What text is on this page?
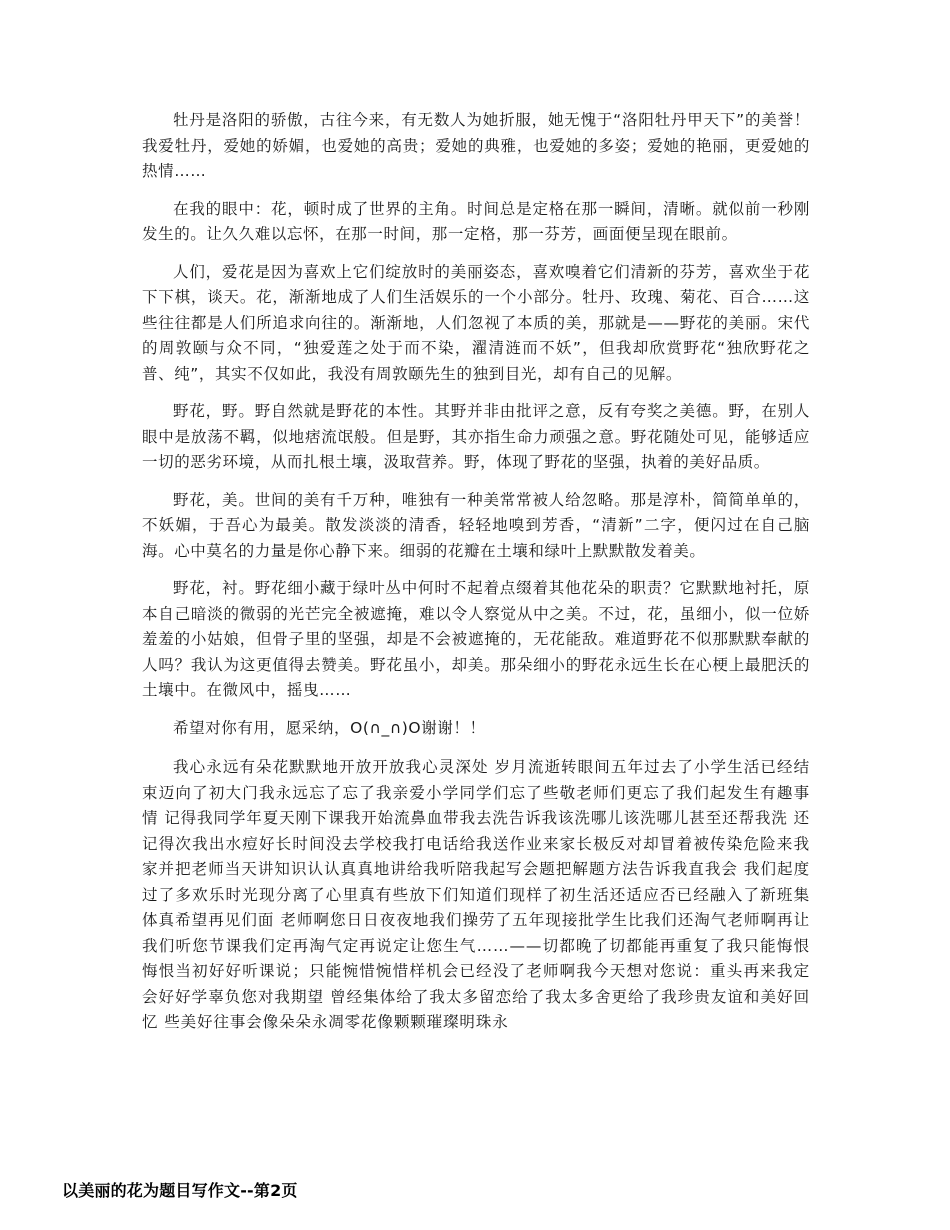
牡丹是洛阳的骄傲，古往今来，有无数人为她折服，她无愧于“洛阳牡丹甲天下”的美誉！我爱牡丹，爱她的娇媚，也爱她的高贵；爱她的典雅，也爱她的多姿；爱她的艳丽，更爱她的热情……

在我的眼中：花，顿时成了世界的主角。时间总是定格在那一瞬间，清晰。就似前一秒刚发生的。让久久难以忘怀，在那一时间，那一定格，那一芬芳，画面便呈现在眼前。

人们，爱花是因为喜欢上它们绽放时的美丽姿态，喜欢嗅着它们清新的芬芳，喜欢坐于花下下棋，谈天。花，渐渐地成了人们生活娱乐的一个小部分。牡丹、玫瑰、菊花、百合……这些往往都是人们所追求向往的。渐渐地，人们忽视了本质的美，那就是——野花的美丽。宋代的周敦颐与众不同，“独爱莲之处于而不染，濯清涟而不妖”，但我却欣赏野花“独欣野花之普、纯”，其实不仅如此，我没有周敦颐先生的独到目光，却有自己的见解。

野花，野。野自然就是野花的本性。其野并非由批评之意，反有夸奖之美德。野，在别人眼中是放荡不羁，似地痞流氓般。但是野，其亦指生命力顽强之意。野花随处可见，能够适应一切的恶劣环境，从而扎根土壤，汲取营养。野，体现了野花的坚强，执着的美好品质。

野花，美。世间的美有千万种，唯独有一种美常常被人给忽略。那是淳朴，简简单单的，不妖媚，于吾心为最美。散发淡淡的清香，轻轻地嗅到芳香，“清新”二字，便闪过在自己脑海。心中莫名的力量是你心静下来。细弱的花瓣在土壤和绿叶上默默散发着美。

野花，衬。野花细小藏于绿叶丛中何时不起着点缀着其他花朵的职责？它默默地衬托，原本自己暗淡的微弱的光芒完全被遮掩，难以令人察觉从中之美。不过，花，虽细小，似一位娇羞羞的小姑娘，但骨子里的坚强，却是不会被遮掩的，无花能敌。难道野花不似那默默奉献的人吗？我认为这更值得去赞美。野花虽小，却美。那朵细小的野花永远生长在心梗上最肥沃的土壤中。在微风中，摇曳……

希望对你有用，愿采纳，O(∩_∩)O谢谢！！

我心永远有朵花默默地开放开放我心灵深处 岁月流逝转眼间五年过去了小学生活已经结束迈向了初大门我永远忘了忘了我亲爱小学同学们忘了些敬老师们更忘了我们起发生有趣事情 记得我同学年夏天刚下课我开始流鼻血带我去洗告诉我该洗哪儿该洗哪儿甚至还帮我洗 还记得次我出水痘好长时间没去学校我打电话给我送作业来家长极反对却冒着被传染危险来我家并把老师当天讲知识认认真真地讲给我听陪我起写会题把解题方法告诉我直我会 我们起度过了多欢乐时光现分离了心里真有些放下们知道们现样了初生活还适应否已经融入了新班集体真希望再见们面 老师啊您日日夜夜地我们操劳了五年现接批学生比我们还淘气老师啊再让我们听您节课我们定再淘气定再说定让您生气……——切都晚了切都能再重复了我只能悔恨悔恨当初好好听课说；只能惋惜惋惜样机会已经没了老师啊我今天想对您说：重头再来我定会好好学辜负您对我期望 曾经集体给了我太多留恋给了我太多舍更给了我珍贵友谊和美好回忆 些美好往事会像朵朵永凋零花像颗颗璀璨明珠永

以美丽的花为题目写作文--第2页
